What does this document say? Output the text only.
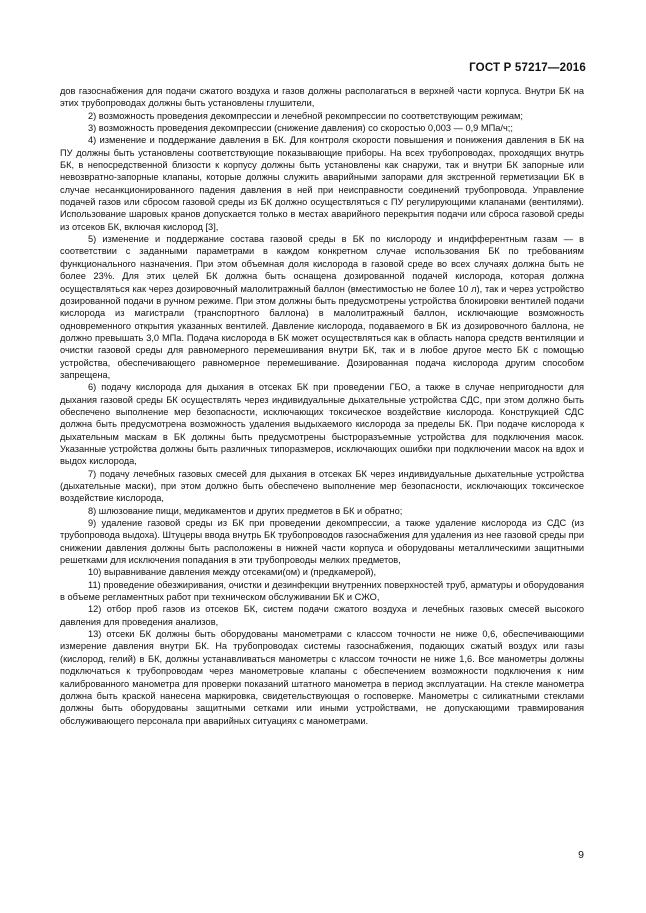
ГОСТ Р 57217—2016

дов газоснабжения для подачи сжатого воздуха и газов должны располагаться в верхней части корпуса. Внутри БК на этих трубопроводах должны быть установлены глушители,

2) возможность проведения декомпрессии и лечебной рекомпрессии по соответствующим режимам;

3) возможность проведения декомпрессии (снижение давления) со скоростью 0,003 — 0,9 МПа/ч;;

4) изменение и поддержание давления в БК. Для контроля скорости повышения и понижения давления в БК на ПУ должны быть установлены соответствующие показывающие приборы. На всех трубопроводах, проходящих внутрь БК, в непосредственной близости к корпусу должны быть установлены как снаружи, так и внутри БК запорные или невозвратно-запорные клапаны, которые должны служить аварийными запорами для экстренной герметизации БК в случае несанкционированного падения давления в ней при неисправности соединений трубопровода. Управление подачей газов или сбросом газовой среды из БК должно осуществляться с ПУ регулирующими клапанами (вентилями). Использование шаровых кранов допускается только в местах аварийного перекрытия подачи или сброса газовой среды из отсеков БК, включая кислород [3],

5) изменение и поддержание состава газовой среды в БК по кислороду и индифферентным газам — в соответствии с заданными параметрами в каждом конкретном случае использования БК по требованиям функционального назначения. При этом объемная доля кислорода в газовой среде во всех случаях должна быть не более 23%. Для этих целей БК должна быть оснащена дозированной подачей кислорода, которая должна осуществляться как через дозировочный малолитражный баллон (вместимостью не более 10 л), так и через устройство дозированной подачи в ручном режиме. При этом должны быть предусмотрены устройства блокировки вентилей подачи кислорода из магистрали (транспортного баллона) в малолитражный баллон, исключающие возможность одновременного открытия указанных вентилей. Давление кислорода, подаваемого в БК из дозировочного баллона, не должно превышать 3,0 МПа. Подача кислорода в БК может осуществляться как в область напора средств вентиляции и очистки газовой среды для равномерного перемешивания внутри БК, так и в любое другое место БК с помощью устройства, обеспечивающего равномерное перемешивание. Дозированная подача кислорода другим способом запрещена,

6) подачу кислорода для дыхания в отсеках БК при проведении ГБО, а также в случае непригодности для дыхания газовой среды БК осуществлять через индивидуальные дыхательные устройства СДС, при этом должно быть обеспечено выполнение мер безопасности, исключающих токсическое воздействие кислорода. Конструкцией СДС должна быть предусмотрена возможность удаления выдыхаемого кислорода за пределы БК. При подаче кислорода к дыхательным маскам в БК должны быть предусмотрены быстроразъемные устройства для подключения масок. Указанные устройства должны быть различных типоразмеров, исключающих ошибки при подключении масок на вдох и выдох кислорода,

7) подачу лечебных газовых смесей для дыхания в отсеках БК через индивидуальные дыхательные устройства (дыхательные маски), при этом должно быть обеспечено выполнение мер безопасности, исключающих токсическое воздействие кислорода,

8) шлюзование пищи, медикаментов и других предметов в БК и обратно;

9) удаление газовой среды из БК при проведении декомпрессии, а также удаление кислорода из СДС (из трубопровода выдоха). Штуцеры ввода внутрь БК трубопроводов газоснабжения для удаления из нее газовой среды при снижении давления должны быть расположены в нижней части корпуса и оборудованы металлическими защитными решетками для исключения попадания в эти трубопроводы мелких предметов,

10) выравнивание давления между отсеками(ом) и (предкамерой),

11) проведение обезжиривания, очистки и дезинфекции внутренних поверхностей труб, арматуры и оборудования в объеме регламентных работ при техническом обслуживании БК и СЖО,

12) отбор проб газов из отсеков БК, систем подачи сжатого воздуха и лечебных газовых смесей высокого давления для проведения анализов,

13) отсеки БК должны быть оборудованы манометрами с классом точности не ниже 0,6, обеспечивающими измерение давления внутри БК. На трубопроводах системы газоснабжения, подающих сжатый воздух или газы (кислород, гелий) в БК, должны устанавливаться манометры с классом точности не ниже 1,6. Все манометры должны подключаться к трубопроводам через манометровые клапаны с обеспечением возможности подключения к ним калиброванного манометра для проверки показаний штатного манометра в период эксплуатации. На стекле манометра должна быть краской нанесена маркировка, свидетельствующая о госповерке. Манометры с силикатными стеклами должны быть оборудованы защитными сетками или иными устройствами, не допускающими травмирования обслуживающего персонала при аварийных ситуациях с манометрами.

9
